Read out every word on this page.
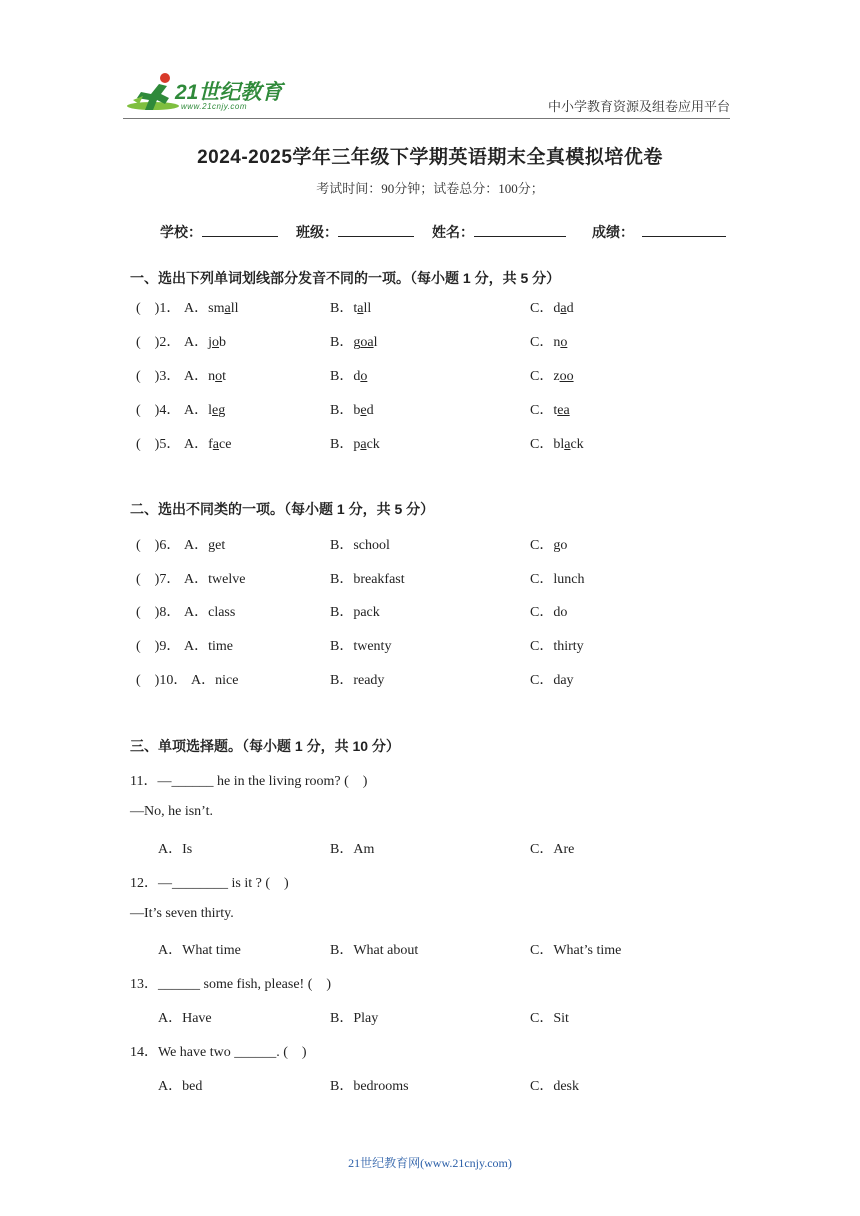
21世纪教育
www.21cnjy.com	中小学教育资源及组卷应用平台
2024-2025学年三年级下学期英语期末全真模拟培优卷
考试时间：90分钟；试卷总分：100分；
学校：	班级：	姓名：	成绩：
一、选出下列单词划线部分发音不同的一项。（每小题 1 分，共 5 分）
(　)1． A．small	B．tall	C．dad
(　)2． A．job	B．goal	C．no
(　)3． A．not	B．do	C．zoo
(　)4． A．leg	B．bed	C．tea
(　)5． A．face	B．pack	C．black
二、选出不同类的一项。（每小题 1 分，共 5 分）
(　)6． A．get	B．school	C．go
(　)7． A．twelve	B．breakfast	C．lunch
(　)8． A．class	B．pack	C．do
(　)9． A．time	B．twenty	C．thirty
(　)10． A．nice	B．ready	C．day
三、单项选择题。（每小题 1 分，共 10 分）
11．—______ he in the living room? (　)
—No, he isn’t.
A．Is	B．Am	C．Are
12．—________ is it ? (　)
—It’s seven thirty.
A．What time	B．What about	C．What’s time
13．______ some fish, please! (　)
A．Have	B．Play	C．Sit
14．We have two ______. (　)
A．bed	B．bedrooms	C．desk
21世纪教育网(www.21cnjy.com)
